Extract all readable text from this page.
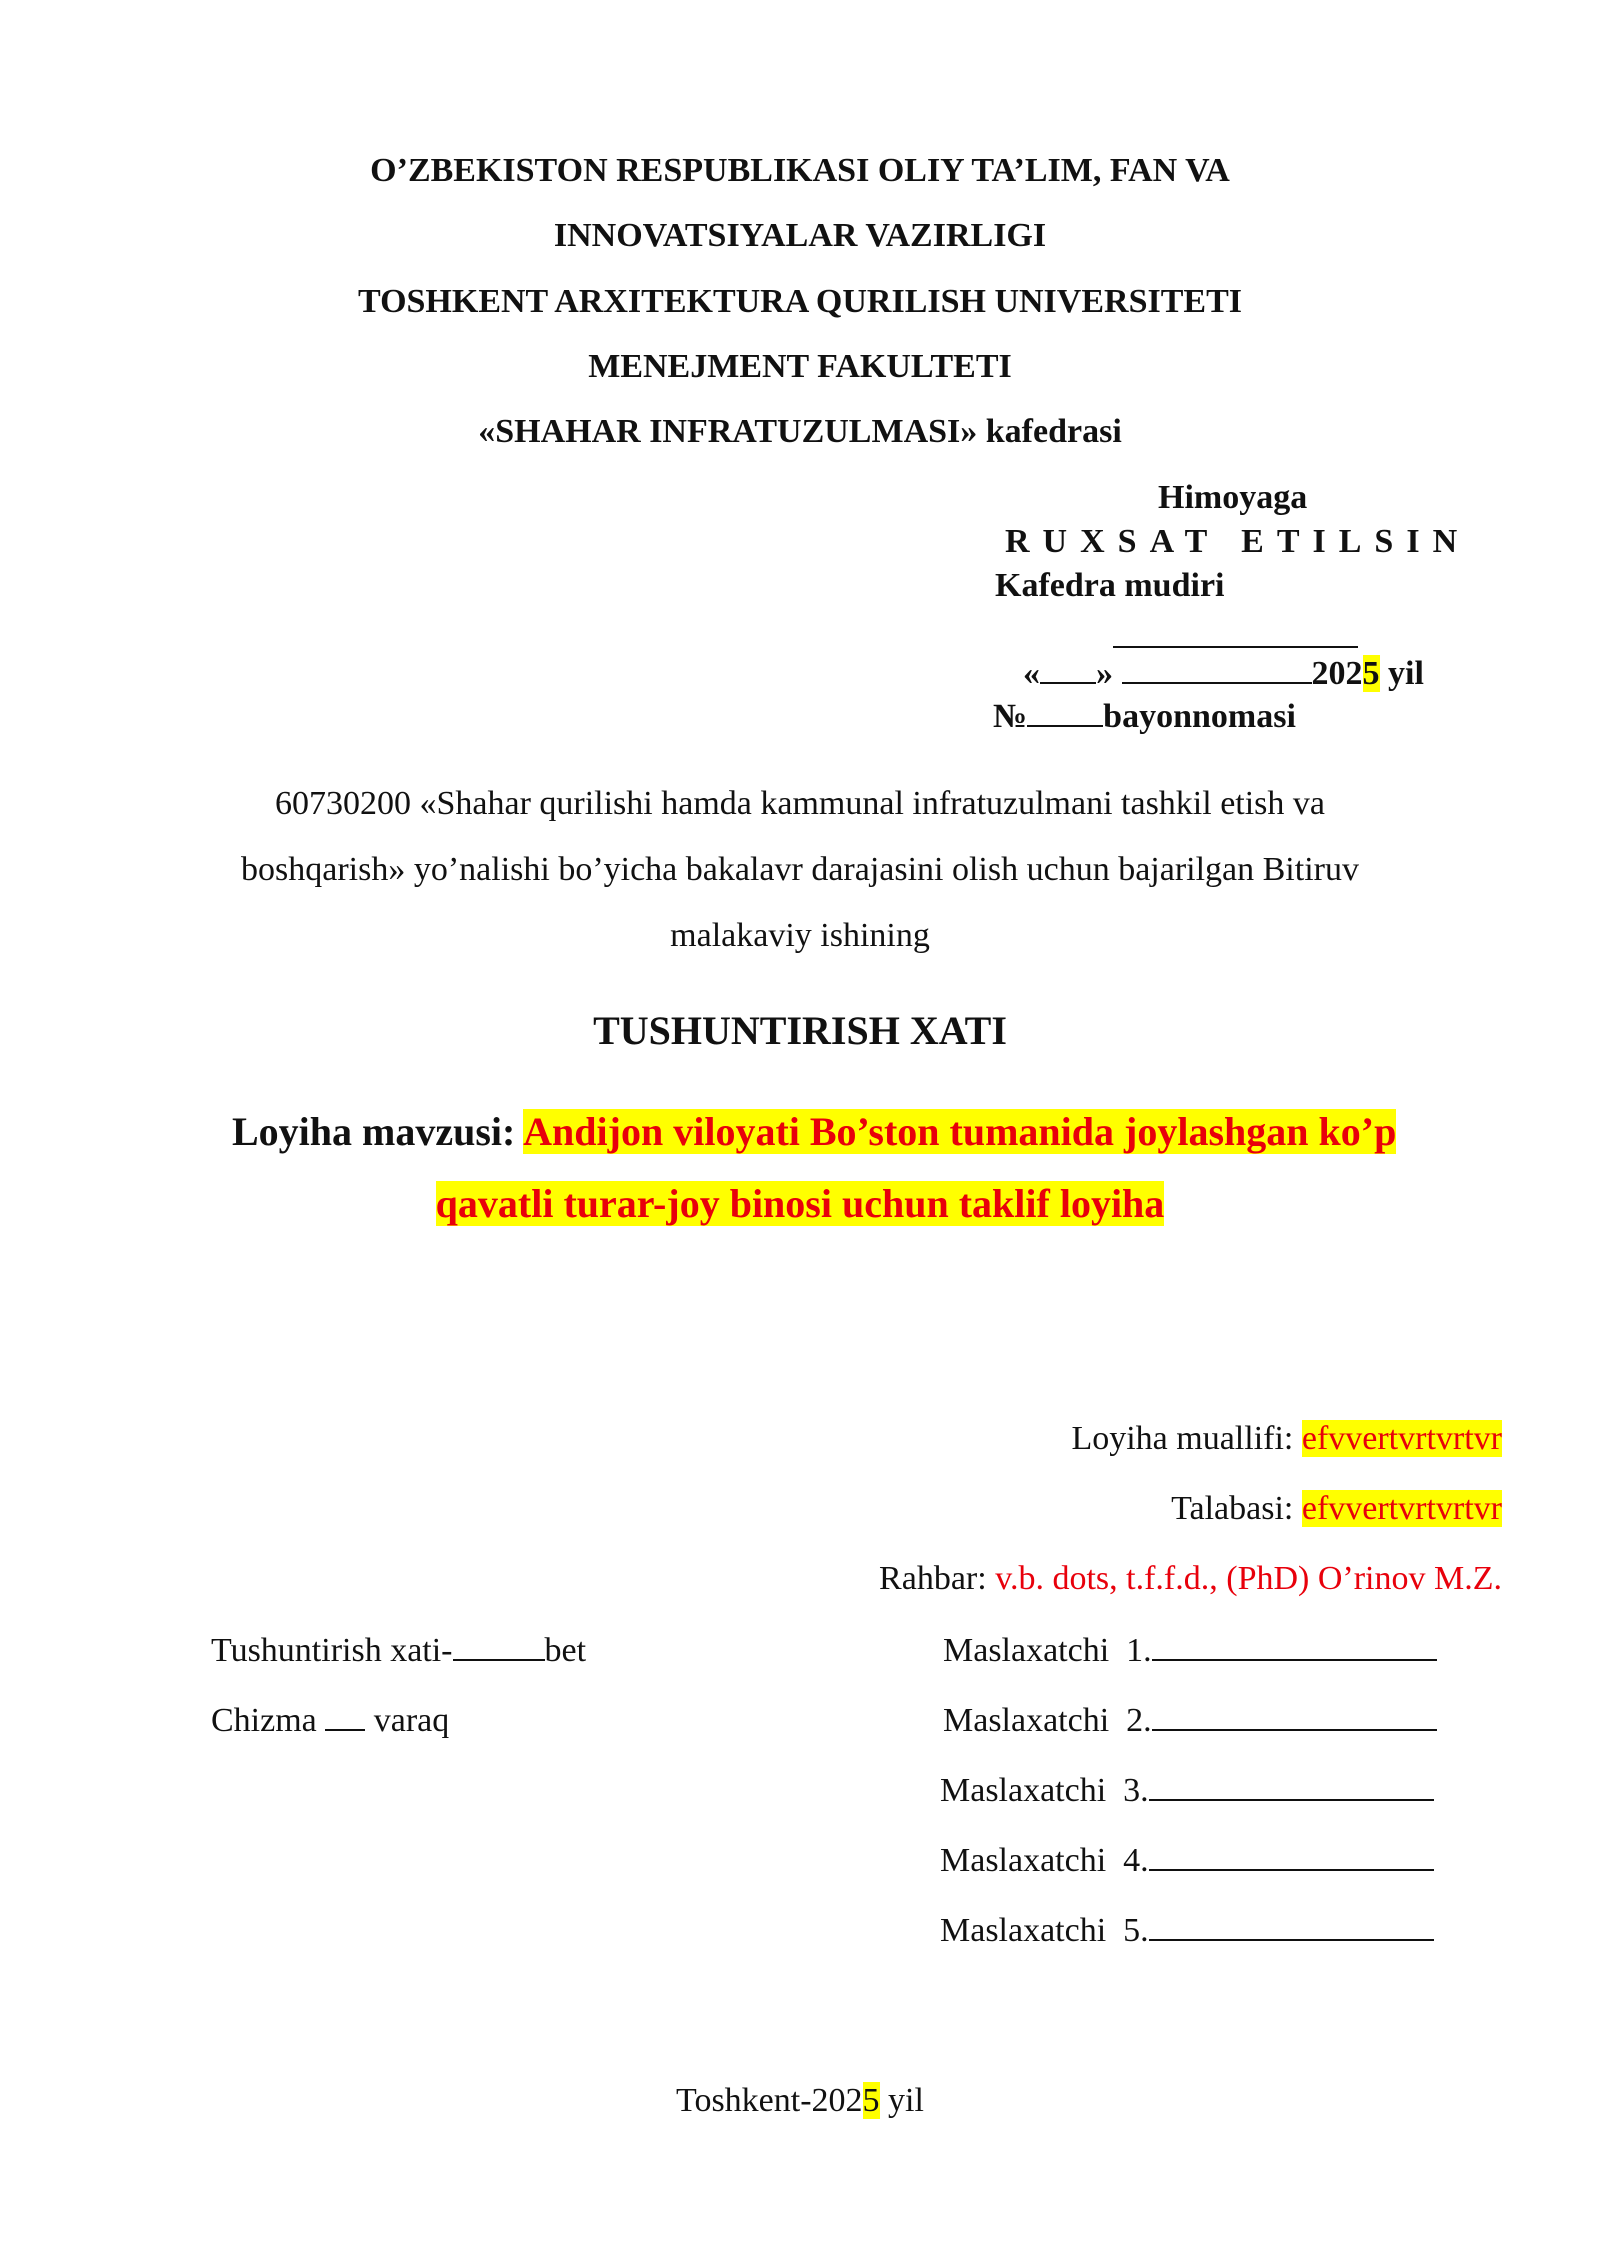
O’ZBEKISTON RESPUBLIKASI OLIY TA’LIM, FAN VA
INNOVATSIYALAR VAZIRLIGI
TOSHKENT ARXITEKTURA QURILISH UNIVERSITETI
MENEJMENT FAKULTETI
«SHAHAR INFRATUZULMASI» kafedrasi
Himoyaga
RUXSAT ETILSIN
Kafedra mudiri
« »	2025 yil
№ bayonnomasi
60730200 «Shahar qurilishi hamda kammunal infratuzulmani tashkil etish va
boshqarish» yo’nalishi bo’yicha bakalavr darajasini olish uchun bajarilgan Bitiruv
malakaviy ishining
TUSHUNTIRISH XATI
Loyiha mavzusi: Andijon viloyati Bo’ston tumanida joylashgan ko’p
qavatli turar-joy binosi uchun taklif loyiha
Loyiha muallifi: efvvertvrtvrtvr
Talabasi: efvvertvrtvrtvr
Rahbar: v.b. dots, t.f.f.d., (PhD) O’rinov M.Z.
Tushuntirish xati-	bet
Chizma varaq
Maslaxatchi 1.
Maslaxatchi 2.
Maslaxatchi 3.
Maslaxatchi 4.
Maslaxatchi 5.
Toshkent-2025 yil
